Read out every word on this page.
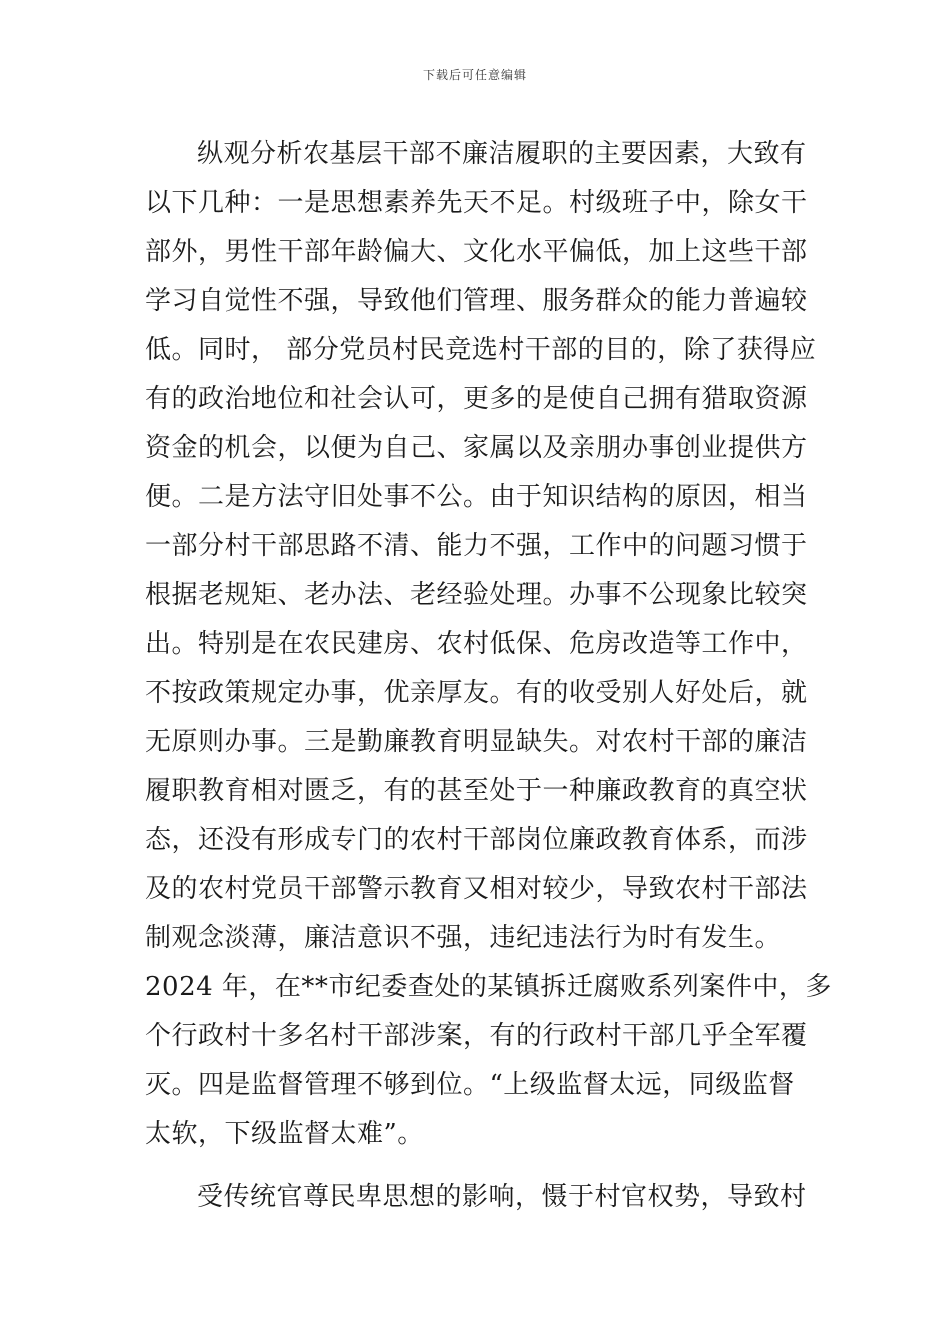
下载后可任意编辑
纵观分析农基层干部不廉洁履职的主要因素，大致有
以下几种：一是思想素养先天不足。村级班子中，除女干
部外，男性干部年龄偏大、文化水平偏低，加上这些干部
学习自觉性不强，导致他们管理、服务群众的能力普遍较
低。同时， 部分党员村民竞选村干部的目的，除了获得应
有的政治地位和社会认可，更多的是使自己拥有猎取资源
资金的机会，以便为自己、家属以及亲朋办事创业提供方
便。二是方法守旧处事不公。由于知识结构的原因，相当
一部分村干部思路不清、能力不强，工作中的问题习惯于
根据老规矩、老办法、老经验处理。办事不公现象比较突
出。特别是在农民建房、农村低保、危房改造等工作中，
不按政策规定办事，优亲厚友。有的收受别人好处后，就
无原则办事。三是勤廉教育明显缺失。对农村干部的廉洁
履职教育相对匮乏，有的甚至处于一种廉政教育的真空状
态，还没有形成专门的农村干部岗位廉政教育体系，而涉
及的农村党员干部警示教育又相对较少，导致农村干部法
制观念淡薄，廉洁意识不强，违纪违法行为时有发生。
2024 年，在**市纪委查处的某镇拆迁腐败系列案件中，多
个行政村十多名村干部涉案，有的行政村干部几乎全军覆
灭。四是监督管理不够到位。“上级监督太远，同级监督
太软，下级监督太难”。
受传统官尊民卑思想的影响，慑于村官权势，导致村
